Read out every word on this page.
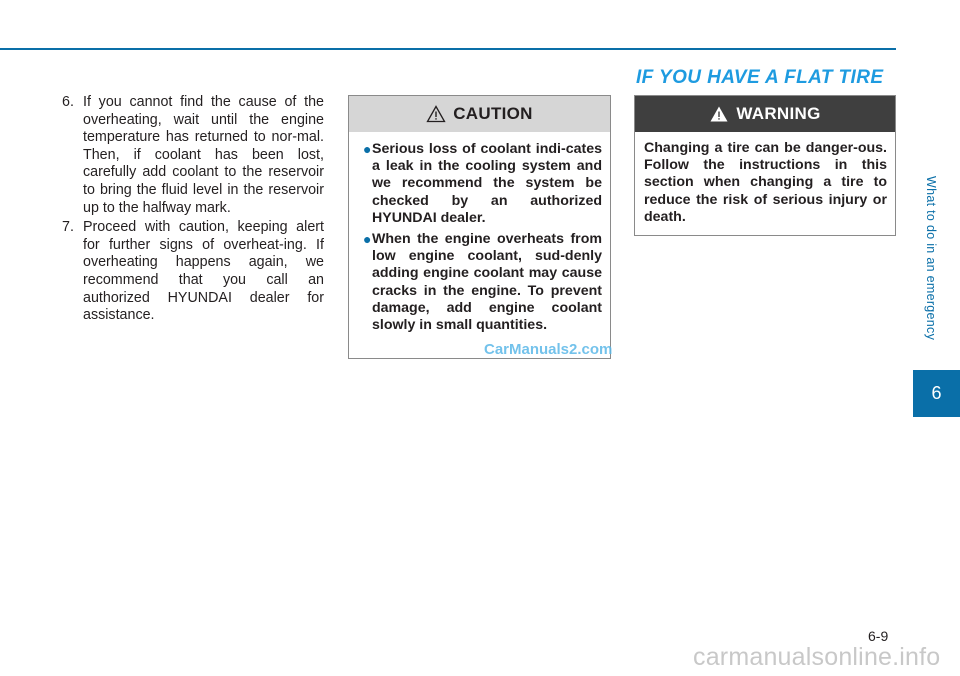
6. If you cannot find the cause of the overheating, wait until the engine temperature has returned to nor-mal. Then, if coolant has been lost, carefully add coolant to the reservoir to bring the fluid level in the reservoir up to the halfway mark.
7. Proceed with caution, keeping alert for further signs of overheat-ing. If overheating happens again, we recommend that you call an authorized HYUNDAI dealer for assistance.
CAUTION
● Serious loss of coolant indi-cates a leak in the cooling system and we recommend the system be checked by an authorized HYUNDAI dealer.
● When the engine overheats from low engine coolant, sud-denly adding engine coolant may cause cracks in the engine. To prevent damage, add engine coolant slowly in small quantities.
CarManuals2.com
IF YOU HAVE A FLAT TIRE
WARNING
Changing a tire can be danger-ous. Follow the instructions in this section when changing a tire to reduce the risk of serious injury or death.	What to do in an emergency
6
6-9
carmanualsonline.info
